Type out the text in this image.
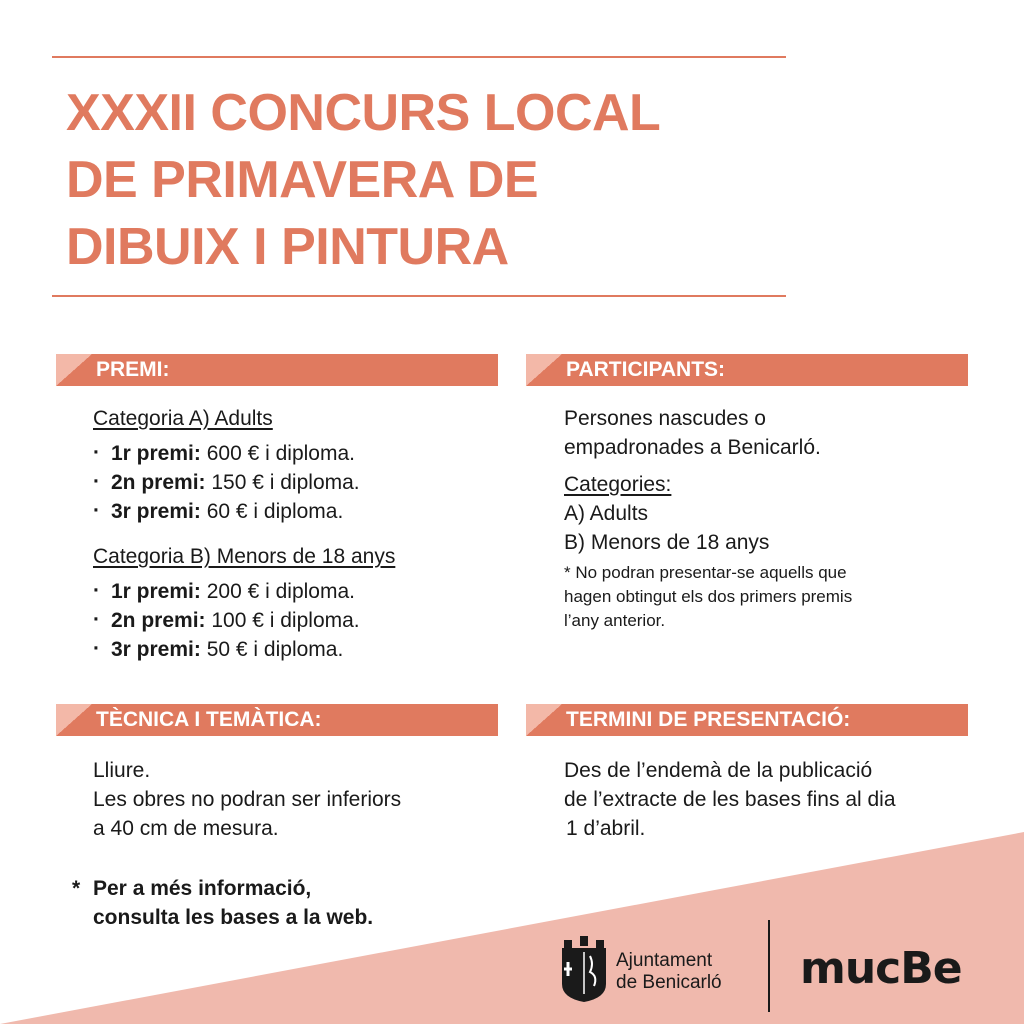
XXXII CONCURS LOCAL
DE PRIMAVERA DE
DIBUIX I PINTURA
PREMI:
Categoria A) Adults
· 1r premi: 600 € i diploma.
· 2n premi: 150 € i diploma.
· 3r premi: 60 € i diploma.
Categoria B) Menors de 18 anys
· 1r premi: 200 € i diploma.
· 2n premi: 100 € i diploma.
· 3r premi: 50 € i diploma.
PARTICIPANTS:
Persones nascudes o
empadronades a Benicarló.
Categories:
A) Adults
B) Menors de 18 anys
* No podran presentar-se aquells que
hagen obtingut els dos primers premis
l’any anterior.
TÈCNICA I TEMÀTICA:
Lliure.
Les obres no podran ser inferiors
a 40 cm de mesura.
TERMINI DE PRESENTACIÓ:
Des de l’endemà de la publicació
de l’extracte de les bases fins al dia
1 d’abril.
* Per a més informació,
consulta les bases a la web.
Ajuntament
de Benicarló mucBe
